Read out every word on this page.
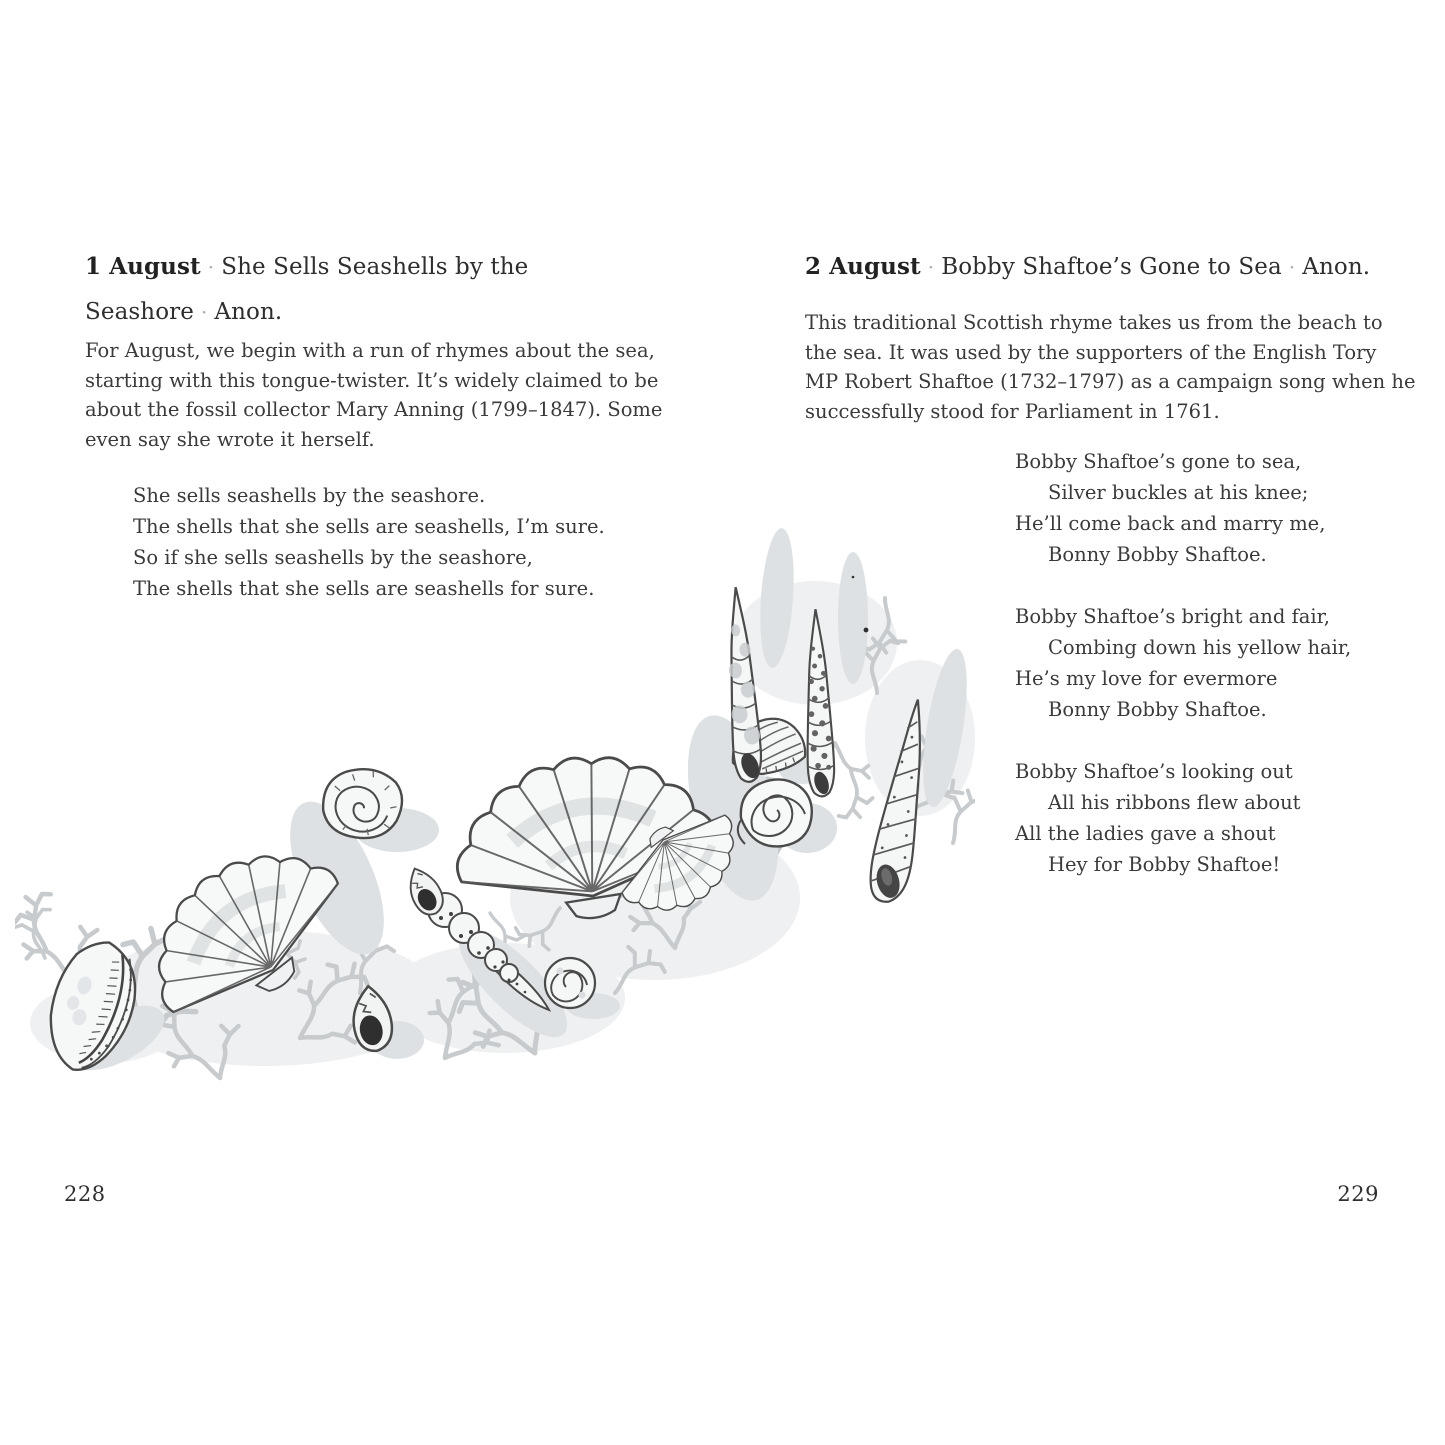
1 August · She Sells Seashells by the Seashore · Anon.
For August, we begin with a run of rhymes about the sea,
starting with this tongue-twister. It’s widely claimed to be
about the fossil collector Mary Anning (1799–1847). Some
even say she wrote it herself.
She sells seashells by the seashore.
The shells that she sells are seashells, I’m sure.
So if she sells seashells by the seashore,
The shells that she sells are seashells for sure.
2 August · Bobby Shaftoe’s Gone to Sea · Anon.
This traditional Scottish rhyme takes us from the beach to
the sea. It was used by the supporters of the English Tory
MP Robert Shaftoe (1732–1797) as a campaign song when he
successfully stood for Parliament in 1761.
Bobby Shaftoe’s gone to sea,
Silver buckles at his knee;
He’ll come back and marry me,
Bonny Bobby Shaftoe.
Bobby Shaftoe’s bright and fair,
Combing down his yellow hair,
He’s my love for evermore
Bonny Bobby Shaftoe.
Bobby Shaftoe’s looking out
All his ribbons flew about
All the ladies gave a shout
Hey for Bobby Shaftoe!
228	229
